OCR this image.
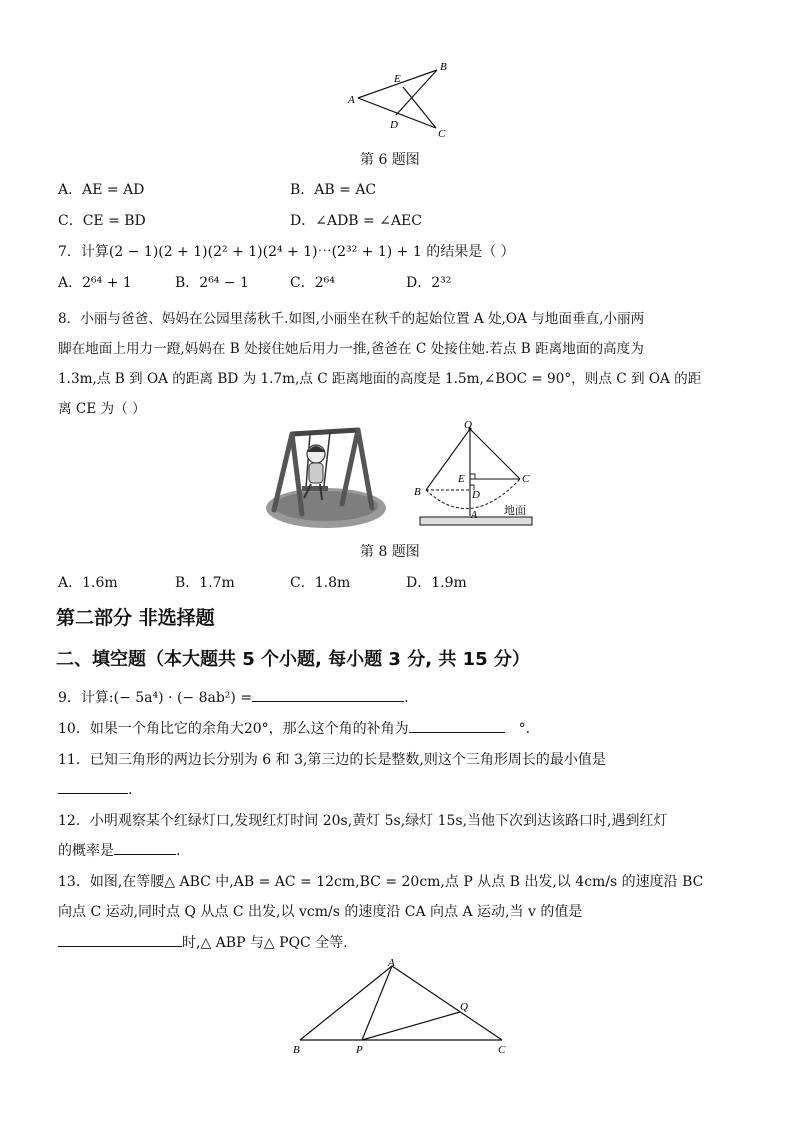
A
B
C
D
E
第 6 题图
A．AE = AD	B．AB = AC
C．CE = BD	D．∠ADB = ∠AEC
7．计算(2 − 1)(2 + 1)(2² + 1)(2⁴ + 1)⋯(2³² + 1) + 1 的结果是（ ）
A．2⁶⁴ + 1	B．2⁶⁴ − 1	C．2⁶⁴	D．2³²
8．小丽与爸爸、妈妈在公园里荡秋千.如图,小丽坐在秋千的起始位置 A 处,OA 与地面垂直,小丽两
脚在地面上用力一蹬,妈妈在 B 处接住她后用力一推,爸爸在 C 处接住她.若点 B 距离地面的高度为
1.3m,点 B 到 OA 的距离 BD 为 1.7m,点 C 距离地面的高度是 1.5m,∠BOC = 90°，则点 C 到 OA 的距
离 CE 为（ ）
O
B
C
E
D
A 地面
第 8 题图
A．1.6m	B．1.7m	C．1.8m	D．1.9m
第二部分 非选择题
二、填空题（本大题共 5 个小题, 每小题 3 分, 共 15 分）
9．计算:(− 5a⁴) · (− 8ab²) =	.
10．如果一个角比它的余角大20°，那么这个角的补角为	°.
11．已知三角形的两边长分别为 6 和 3,第三边的长是整数,则这个三角形周长的最小值是
.
12．小明观察某个红绿灯口,发现红灯时间 20s,黄灯 5s,绿灯 15s,当他下次到达该路口时,遇到红灯
的概率是	.
13．如图,在等腰△ ABC 中,AB = AC = 12cm,BC = 20cm,点 P 从点 B 出发,以 4cm/s 的速度沿 BC
向点 C 运动,同时点 Q 从点 C 出发,以 vcm/s 的速度沿 CA 向点 A 运动,当 v 的值是
时,△ ABP 与△ PQC 全等.
A
B	C
P
Q
